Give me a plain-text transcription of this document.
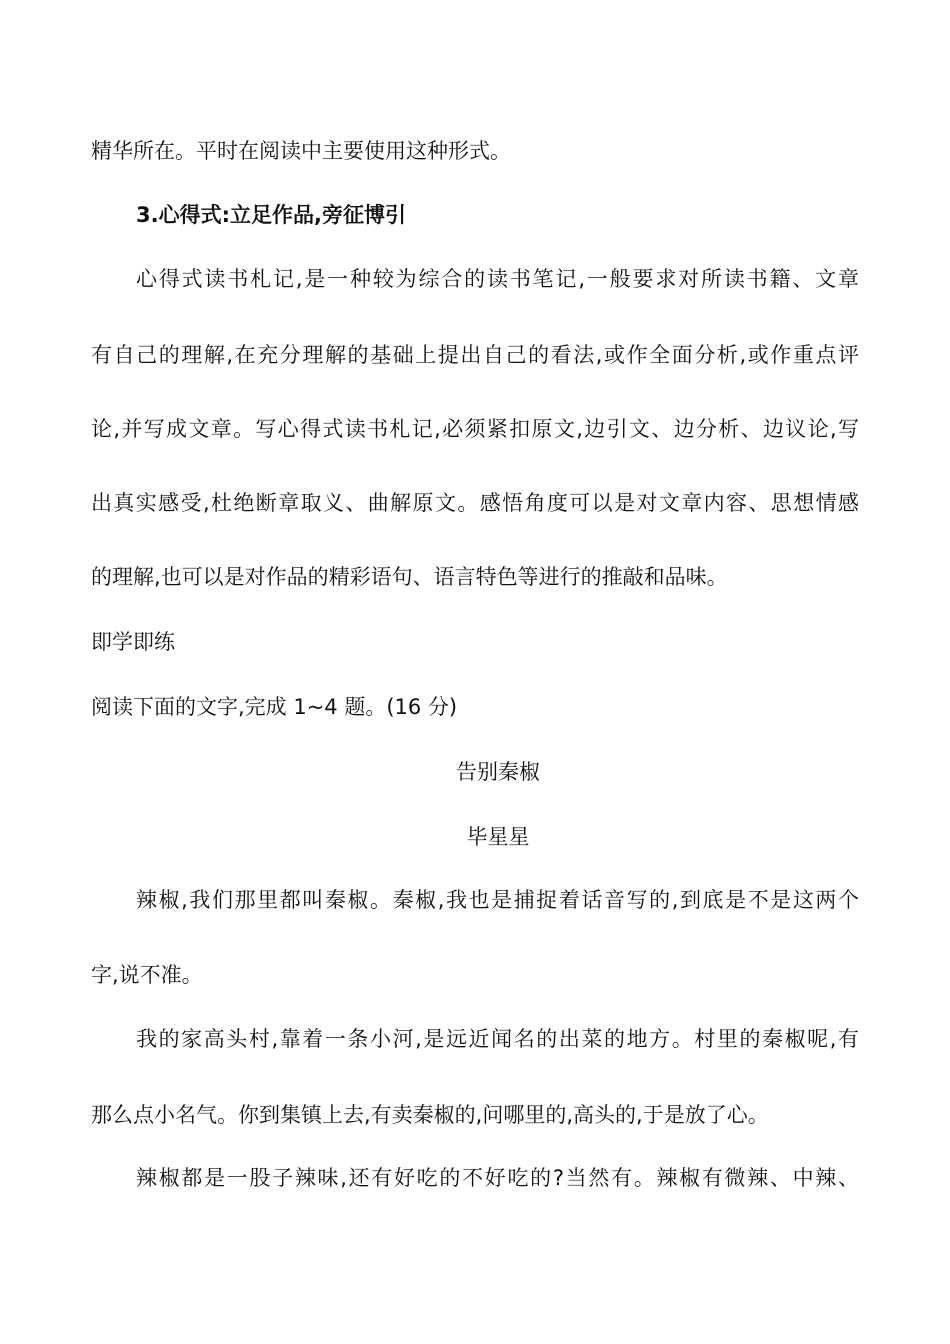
精华所在。平时在阅读中主要使用这种形式。
3.心得式:立足作品,旁征博引
心得式读书札记,是一种较为综合的读书笔记,一般要求对所读书籍、文章
有自己的理解,在充分理解的基础上提出自己的看法,或作全面分析,或作重点评
论,并写成文章。写心得式读书札记,必须紧扣原文,边引文、边分析、边议论,写
出真实感受,杜绝断章取义、曲解原文。感悟角度可以是对文章内容、思想情感
的理解,也可以是对作品的精彩语句、语言特色等进行的推敲和品味。
即学即练
阅读下面的文字,完成 1~4 题。(16 分)
告别秦椒
毕星星
辣椒,我们那里都叫秦椒。秦椒,我也是捕捉着话音写的,到底是不是这两个
字,说不准。
我的家高头村,靠着一条小河,是远近闻名的出菜的地方。村里的秦椒呢,有
那么点小名气。你到集镇上去,有卖秦椒的,问哪里的,高头的,于是放了心。
辣椒都是一股子辣味,还有好吃的不好吃的?当然有。辣椒有微辣、中辣、
